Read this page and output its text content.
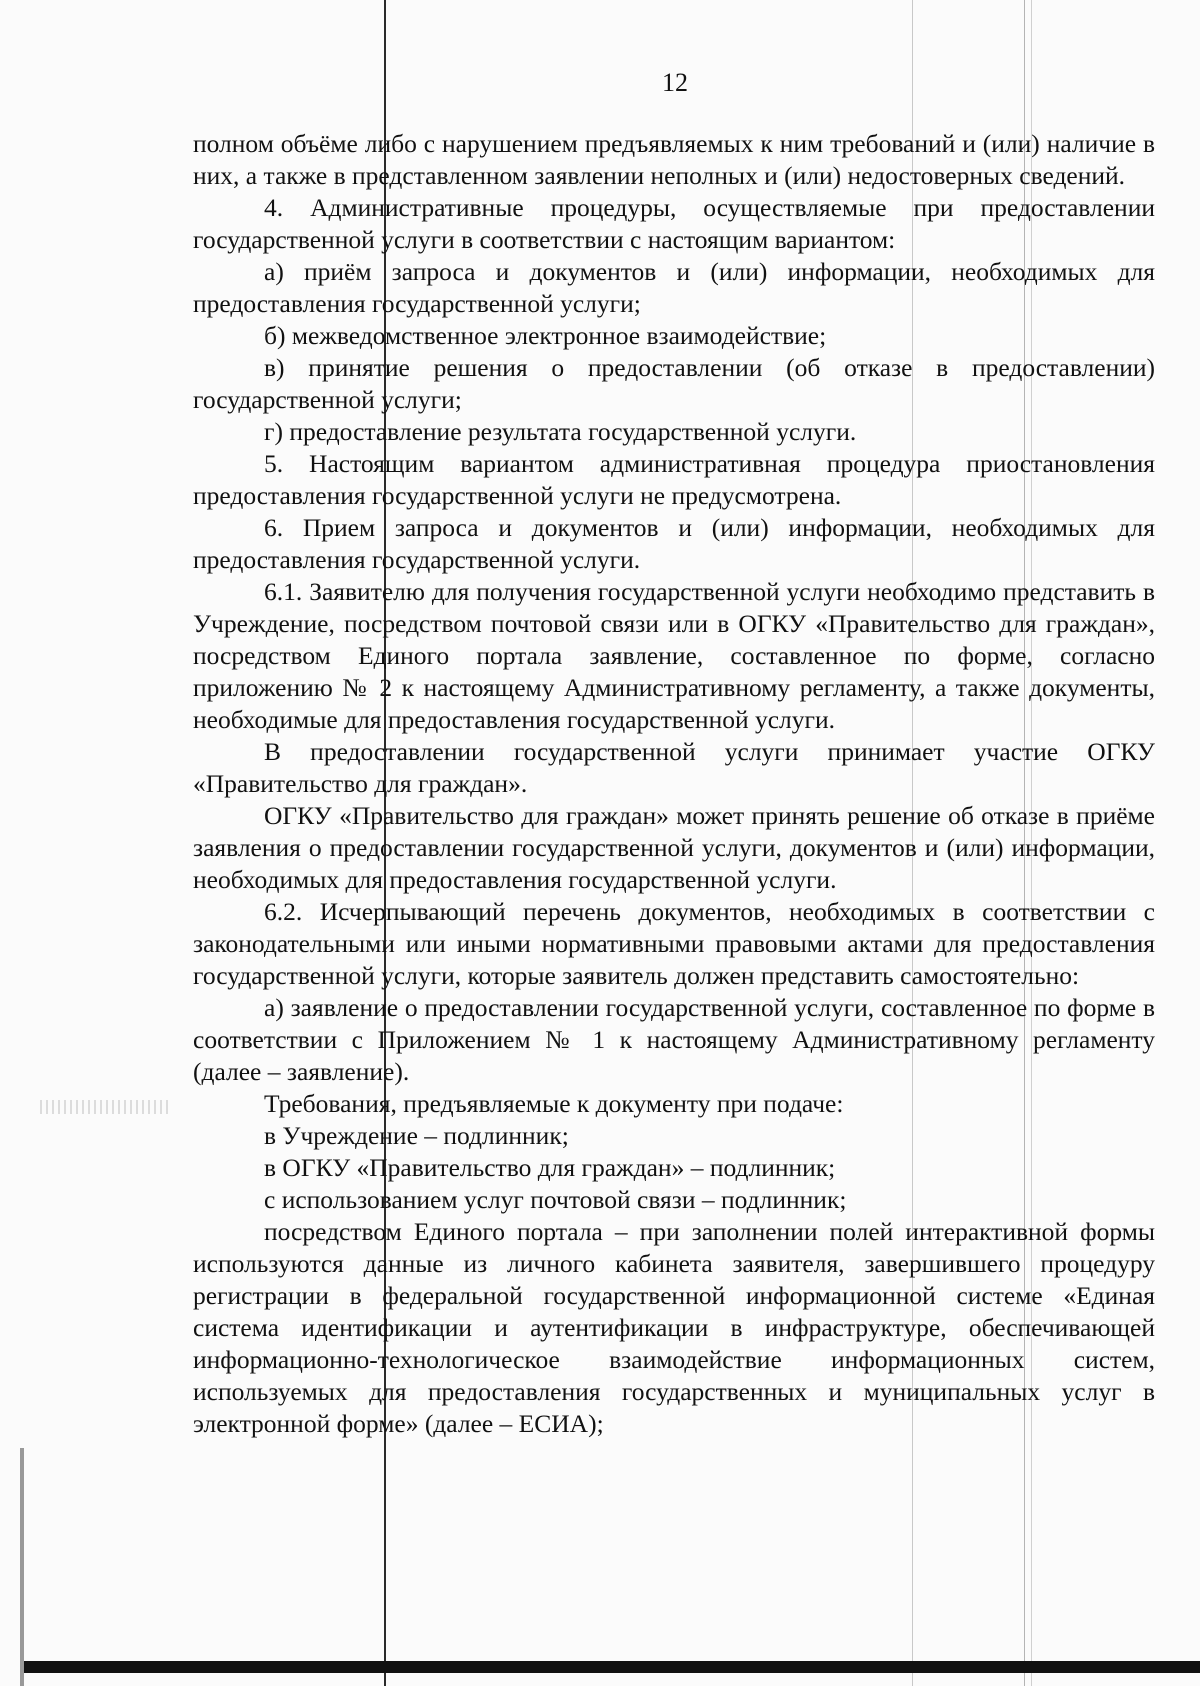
12

полном объёме либо с нарушением предъявляемых к ним требований и (или) наличие в них, а также в представленном заявлении неполных и (или) недостоверных сведений.

4. Административные процедуры, осуществляемые при предоставлении государственной услуги в соответствии с настоящим вариантом:

а) приём запроса и документов и (или) информации, необходимых для предоставления государственной услуги;

б) межведомственное электронное взаимодействие;

в) принятие решения о предоставлении (об отказе в предоставлении) государственной услуги;

г) предоставление результата государственной услуги.

5. Настоящим вариантом административная процедура приостановления предоставления государственной услуги не предусмотрена.

6. Прием запроса и документов и (или) информации, необходимых для предоставления государственной услуги.

6.1. Заявителю для получения государственной услуги необходимо представить в Учреждение, посредством почтовой связи или в ОГКУ «Правительство для граждан», посредством Единого портала заявление, составленное по форме, согласно приложению № 2 к настоящему Административному регламенту, а также документы, необходимые для предоставления государственной услуги.

В предоставлении государственной услуги принимает участие ОГКУ «Правительство для граждан».

ОГКУ «Правительство для граждан» может принять решение об отказе в приёме заявления о предоставлении государственной услуги, документов и (или) информации, необходимых для предоставления государственной услуги.

6.2. Исчерпывающий перечень документов, необходимых в соответствии с законодательными или иными нормативными правовыми актами для предоставления государственной услуги, которые заявитель должен представить самостоятельно:

а) заявление о предоставлении государственной услуги, составленное по форме в соответствии с Приложением № 1 к настоящему Административному регламенту (далее – заявление).

Требования, предъявляемые к документу при подаче:

в Учреждение – подлинник;

в ОГКУ «Правительство для граждан» – подлинник;

с использованием услуг почтовой связи – подлинник;

посредством Единого портала – при заполнении полей интерактивной формы используются данные из личного кабинета заявителя, завершившего процедуру регистрации в федеральной государственной информационной системе «Единая система идентификации и аутентификации в инфраструктуре, обеспечивающей информационно-технологическое взаимодействие информационных систем, используемых для предоставления государственных и муниципальных услуг в электронной форме» (далее – ЕСИА);
